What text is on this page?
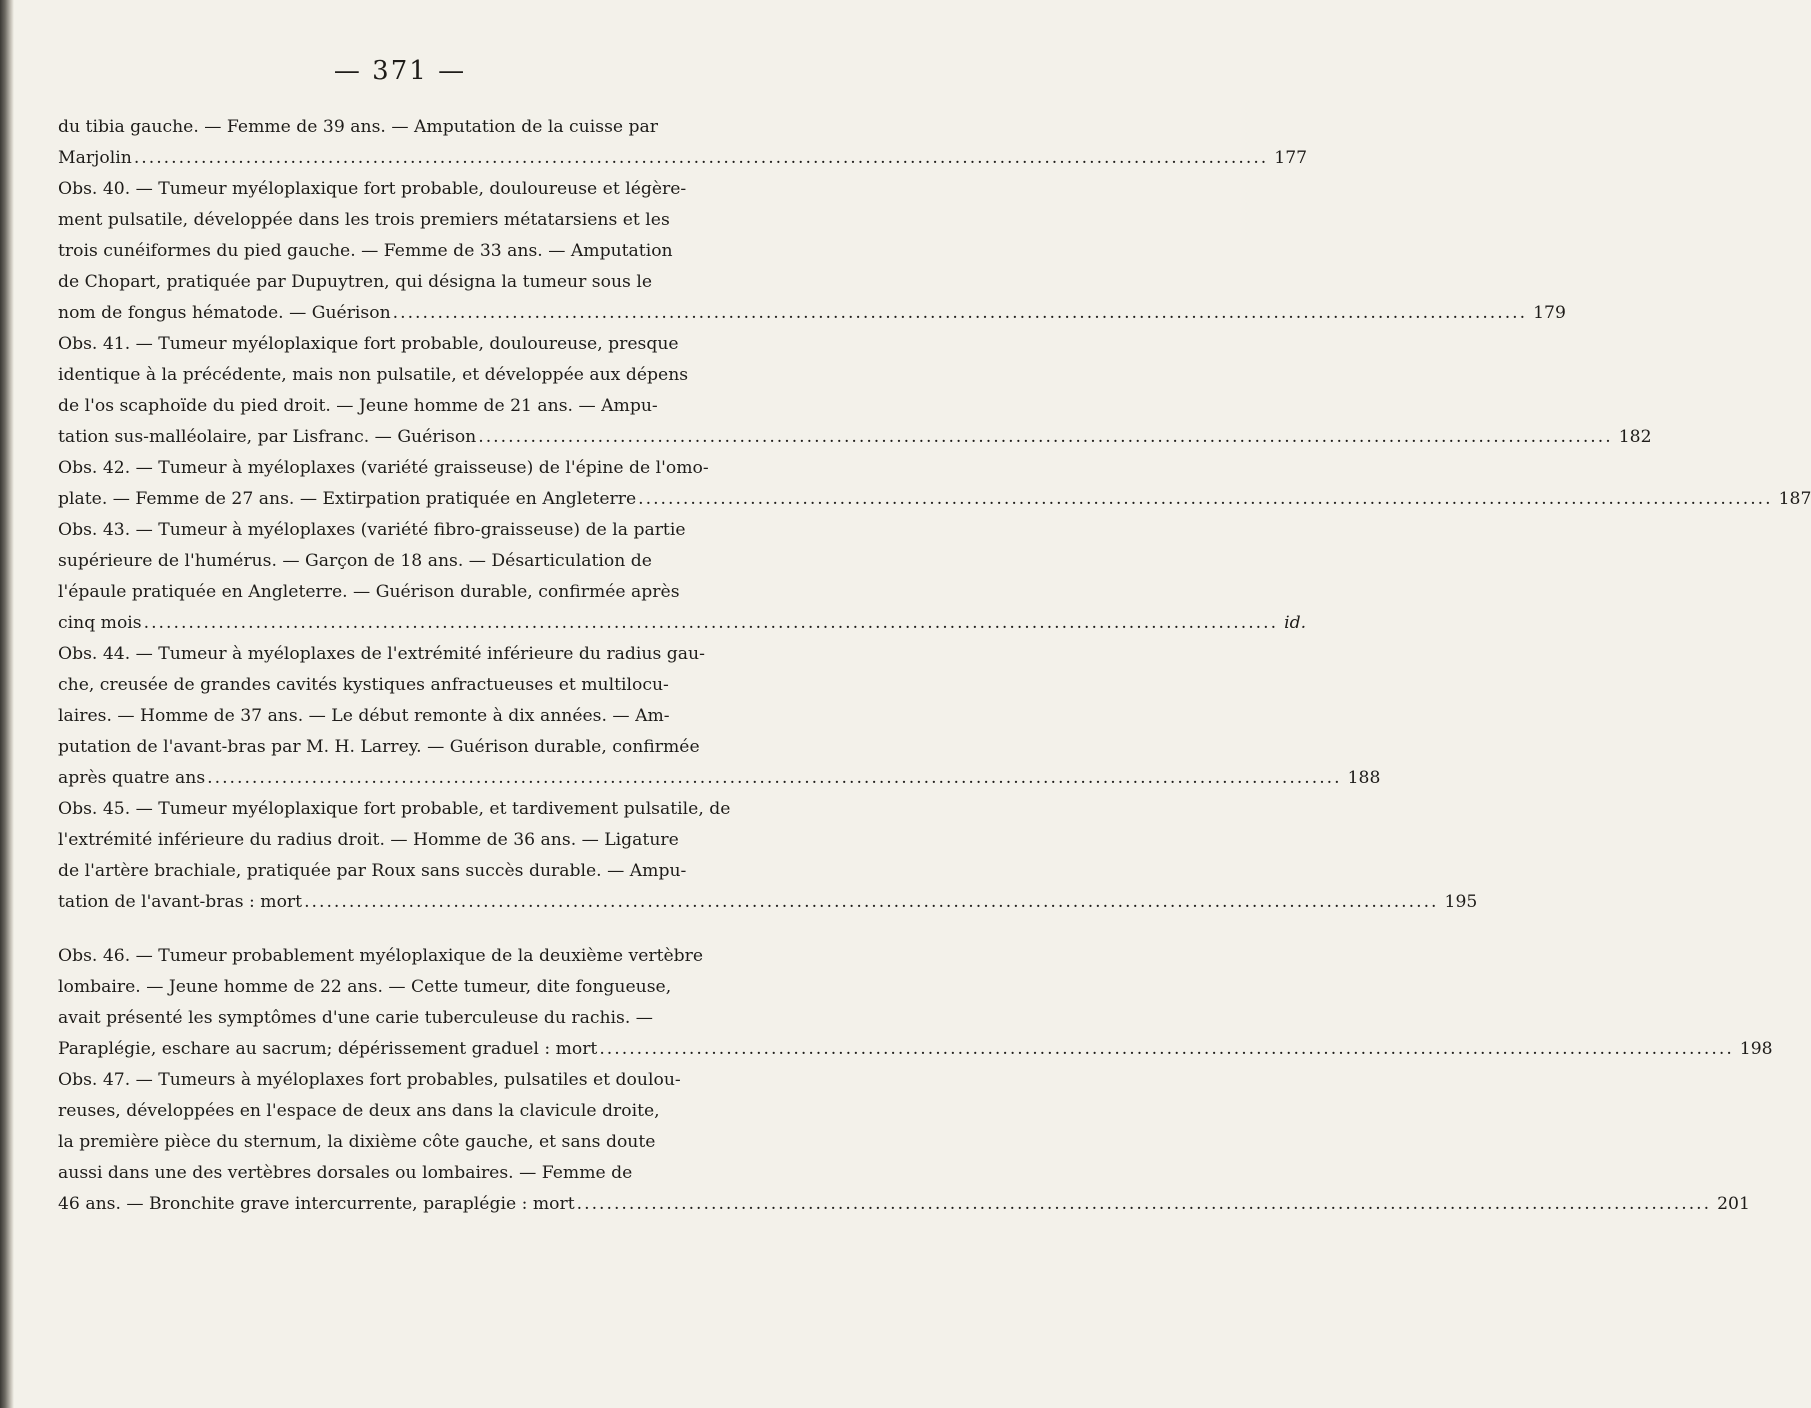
— 371 —
du tibia gauche. — Femme de 39 ans. — Amputation de la cuisse par
Marjolin ........................................................................................................................................................ 177
Obs. 40. — Tumeur myéloplaxique fort probable, douloureuse et légère-
ment pulsatile, développée dans les trois premiers métatarsiens et les
trois cunéiformes du pied gauche. — Femme de 33 ans. — Amputation
de Chopart, pratiquée par Dupuytren, qui désigna la tumeur sous le
nom de fongus hématode. — Guérison ........................................................................................................................................................ 179
Obs. 41. — Tumeur myéloplaxique fort probable, douloureuse, presque
identique à la précédente, mais non pulsatile, et développée aux dépens
de l'os scaphoïde du pied droit. — Jeune homme de 21 ans. — Ampu-
tation sus-malléolaire, par Lisfranc. — Guérison ........................................................................................................................................................ 182
Obs. 42. — Tumeur à myéloplaxes (variété graisseuse) de l'épine de l'omo-
plate. — Femme de 27 ans. — Extirpation pratiquée en Angleterre ........................................................................................................................................................ 187
Obs. 43. — Tumeur à myéloplaxes (variété fibro-graisseuse) de la partie
supérieure de l'humérus. — Garçon de 18 ans. — Désarticulation de
l'épaule pratiquée en Angleterre. — Guérison durable, confirmée après
cinq mois ........................................................................................................................................................ id.
Obs. 44. — Tumeur à myéloplaxes de l'extrémité inférieure du radius gau-
che, creusée de grandes cavités kystiques anfractueuses et multilocu-
laires. — Homme de 37 ans. — Le début remonte à dix années. — Am-
putation de l'avant-bras par M. H. Larrey. — Guérison durable, confirmée
après quatre ans ........................................................................................................................................................ 188
Obs. 45. — Tumeur myéloplaxique fort probable, et tardivement pulsatile, de
l'extrémité inférieure du radius droit. — Homme de 36 ans. — Ligature
de l'artère brachiale, pratiquée par Roux sans succès durable. — Ampu-
tation de l'avant-bras : mort ........................................................................................................................................................ 195
Obs. 46. — Tumeur probablement myéloplaxique de la deuxième vertèbre
lombaire. — Jeune homme de 22 ans. — Cette tumeur, dite fongueuse,
avait présenté les symptômes d'une carie tuberculeuse du rachis. —
Paraplégie, eschare au sacrum; dépérissement graduel : mort ........................................................................................................................................................ 198
Obs. 47. — Tumeurs à myéloplaxes fort probables, pulsatiles et doulou-
reuses, développées en l'espace de deux ans dans la clavicule droite,
la première pièce du sternum, la dixième côte gauche, et sans doute
aussi dans une des vertèbres dorsales ou lombaires. — Femme de
46 ans. — Bronchite grave intercurrente, paraplégie : mort ........................................................................................................................................................ 201
